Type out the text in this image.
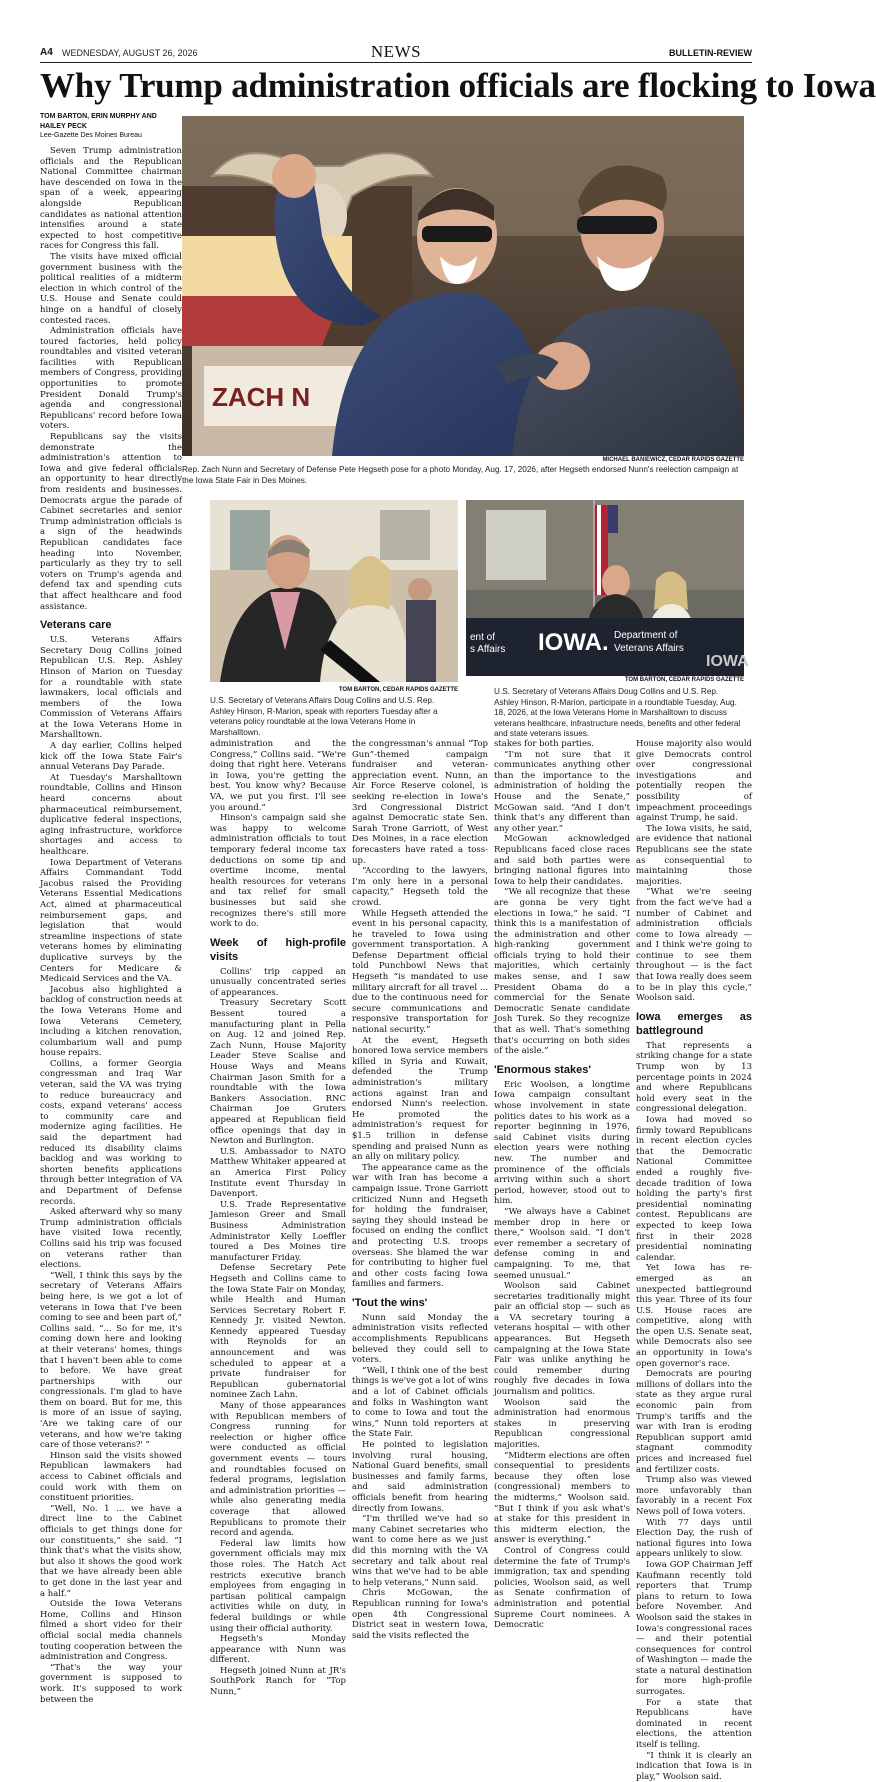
A4 WEDNESDAY, AUGUST 26, 2026	NEWS	BULLETIN-REVIEW
Why Trump administration officials are flocking to Iowa
TOM BARTON, ERIN MURPHY AND HAILEY PECK
Lee-Gazette Des Moines Bureau
ZACH N
MICHAEL BANIEWICZ, CEDAR RAPIDS GAZETTE
Rep. Zach Nunn and Secretary of Defense Pete Hegseth pose for a photo Monday, Aug. 17, 2026, after Hegseth endorsed Nunn's reelection campaign at the Iowa State Fair in Des Moines.
TOM BARTON, CEDAR RAPIDS GAZETTE
U.S. Secretary of Veterans Affairs Doug Collins and U.S. Rep. Ashley Hinson, R-Marion, speak with reporters Tuesday after a veterans policy roundtable at the Iowa Veterans Home in Marshalltown.
ent of
s Affairs IOWA. Department of
Veterans Affairs
IOWA
TOM BARTON, CEDAR RAPIDS GAZETTE
U.S. Secretary of Veterans Affairs Doug Collins and U.S. Rep. Ashley Hinson, R-Marion, participate in a roundtable Tuesday, Aug. 18, 2026, at the Iowa Veterans Home in Marshalltown to discuss veterans healthcare, infrastructure needs, benefits and other federal and state veterans issues.

Seven Trump administration officials and the Republican National Committee chairman have descended on Iowa in the span of a week, appearing alongside Republican candidates as national attention intensifies around a state expected to host competitive races for Congress this fall.

The visits have mixed official government business with the political realities of a midterm election in which control of the U.S. House and Senate could hinge on a handful of closely contested races.

Administration officials have toured factories, held policy roundtables and visited veteran facilities with Republican members of Congress, providing opportunities to promote President Donald Trump's agenda and congressional Republicans' record before Iowa voters.

Republicans say the visits demonstrate the administration's attention to Iowa and give federal officials an opportunity to hear directly from residents and businesses. Democrats argue the parade of Cabinet secretaries and senior Trump administration officials is a sign of the headwinds Republican candidates face heading into November, particularly as they try to sell voters on Trump's agenda and defend tax and spending cuts that affect healthcare and food assistance.

Veterans care

U.S. Veterans Affairs Secretary Doug Collins joined Republican U.S. Rep. Ashley Hinson of Marion on Tuesday for a roundtable with state lawmakers, local officials and members of the Iowa Commission of Veterans Affairs at the Iowa Veterans Home in Marshalltown.

A day earlier, Collins helped kick off the Iowa State Fair's annual Veterans Day Parade.

At Tuesday's Marshalltown roundtable, Collins and Hinson heard concerns about pharmaceutical reimbursement, duplicative federal inspections, aging infrastructure, workforce shortages and access to healthcare.

Iowa Department of Veterans Affairs Commandant Todd Jacobus raised the Providing Veterans Essential Medications Act, aimed at pharmaceutical reimbursement gaps, and legislation that would streamline inspections of state veterans homes by eliminating duplicative surveys by the Centers for Medicare & Medicaid Services and the VA.

Jacobus also highlighted a backlog of construction needs at the Iowa Veterans Home and Iowa Veterans Cemetery, including a kitchen renovation, columbarium wall and pump house repairs.

Collins, a former Georgia congressman and Iraq War veteran, said the VA was trying to reduce bureaucracy and costs, expand veterans' access to community care and modernize aging facilities. He said the department had reduced its disability claims backlog and was working to shorten benefits applications through better integration of VA and Department of Defense records.

Asked afterward why so many Trump administration officials have visited Iowa recently, Collins said his trip was focused on veterans rather than elections.

“Well, I think this says by the secretary of Veterans Affairs being here, is we got a lot of veterans in Iowa that I've been coming to see and been part of,” Collins said. “... So for me, it's coming down here and looking at their veterans' homes, things that I haven't been able to come to before. We have great partnerships with our congressionals. I'm glad to have them on board. But for me, this is more of an issue of saying, 'Are we taking care of our veterans, and how we're taking care of those veterans?' ”

Hinson said the visits showed Republican lawmakers had access to Cabinet officials and could work with them on constituent priorities.

“Well, No. 1 ... we have a direct line to the Cabinet officials to get things done for our constituents,” she said. “I think that's what the visits show, but also it shows the good work that we have already been able to get done in the last year and a half.”

Outside the Iowa Veterans Home, Collins and Hinson filmed a short video for their official social media channels touting cooperation between the administration and Congress.

“That's the way your government is supposed to work. It's supposed to work between the

administration and the Congress,” Collins said. “We're doing that right here. Veterans in Iowa, you're getting the best. You know why? Because VA, we put you first. I'll see you around.”

Hinson's campaign said she was happy to welcome administration officials to tout temporary federal income tax deductions on some tip and overtime income, mental health resources for veterans and tax relief for small businesses but said she recognizes there's still more work to do.

Week of high-profile visits

Collins' trip capped an unusually concentrated series of appearances.

Treasury Secretary Scott Bessent toured a manufacturing plant in Pella on Aug. 12 and joined Rep. Zach Nunn, House Majority Leader Steve Scalise and House Ways and Means Chairman Jason Smith for a roundtable with the Iowa Bankers Association. RNC Chairman Joe Gruters appeared at Republican field office openings that day in Newton and Burlington.

U.S. Ambassador to NATO Matthew Whitaker appeared at an America First Policy Institute event Thursday in Davenport.

U.S. Trade Representative Jamieson Greer and Small Business Administration Administrator Kelly Loeffler toured a Des Moines tire manufacturer Friday.

Defense Secretary Pete Hegseth and Collins came to the Iowa State Fair on Monday, while Health and Human Services Secretary Robert F. Kennedy Jr. visited Newton. Kennedy appeared Tuesday with Reynolds for an announcement and was scheduled to appear at a private fundraiser for Republican gubernatorial nominee Zach Lahn.

Many of those appearances with Republican members of Congress running for reelection or higher office were conducted as official government events — tours and roundtables focused on federal programs, legislation and administration priorities — while also generating media coverage that allowed Republicans to promote their record and agenda.

Federal law limits how government officials may mix those roles. The Hatch Act restricts executive branch employees from engaging in partisan political campaign activities while on duty, in federal buildings or while using their official authority.

Hegseth's Monday appearance with Nunn was different.

Hegseth joined Nunn at JR's SouthPork Ranch for “Top Nunn,”

the congressman's annual “Top Gun”-themed campaign fundraiser and veteran-appreciation event. Nunn, an Air Force Reserve colonel, is seeking re-election in Iowa's 3rd Congressional District against Democratic state Sen. Sarah Trone Garriott, of West Des Moines, in a race election forecasters have rated a toss-up.

“According to the lawyers, I'm only here in a personal capacity,” Hegseth told the crowd.

While Hegseth attended the event in his personal capacity, he traveled to Iowa using government transportation. A Defense Department official told Punchbowl News that Hegseth “is mandated to use military aircraft for all travel ... due to the continuous need for secure communications and responsive transportation for national security.”

At the event, Hegseth honored Iowa service members killed in Syria and Kuwait, defended the Trump administration's military actions against Iran and endorsed Nunn's reelection. He promoted the administration's request for $1.5 trillion in defense spending and praised Nunn as an ally on military policy.

The appearance came as the war with Iran has become a campaign issue. Trone Garriott criticized Nunn and Hegseth for holding the fundraiser, saying they should instead be focused on ending the conflict and protecting U.S. troops overseas. She blamed the war for contributing to higher fuel and other costs facing Iowa families and farmers.

'Tout the wins'

Nunn said Monday the administration visits reflected accomplishments Republicans believed they could sell to voters.

“Well, I think one of the best things is we've got a lot of wins and a lot of Cabinet officials and folks in Washington want to come to Iowa and tout the wins,” Nunn told reporters at the State Fair.

He pointed to legislation involving rural housing, National Guard benefits, small businesses and family farms, and said administration officials benefit from hearing directly from Iowans.

“I'm thrilled we've had so many Cabinet secretaries who want to come here as we just did this morning with the VA secretary and talk about real wins that we've had to be able to help veterans,” Nunn said.

Chris McGowan, the Republican running for Iowa's open 4th Congressional District seat in western Iowa, said the visits reflected the

stakes for both parties.

“I'm not sure that it communicates anything other than the importance to the administration of holding the House and the Senate,” McGowan said. “And I don't think that's any different than any other year.”

McGowan acknowledged Republicans faced close races and said both parties were bringing national figures into Iowa to help their candidates.

“We all recognize that these are gonna be very tight elections in Iowa,” he said. “I think this is a manifestation of the administration and other high-ranking government officials trying to hold their majorities, which certainly makes sense, and I saw President Obama do a commercial for the Senate Democratic Senate candidate Josh Turek. So they recognize that as well. That's something that's occurring on both sides of the aisle.”

'Enormous stakes'

Eric Woolson, a longtime Iowa campaign consultant whose involvement in state politics dates to his work as a reporter beginning in 1976, said Cabinet visits during election years were nothing new. The number and prominence of the officials arriving within such a short period, however, stood out to him.

“We always have a Cabinet member drop in here or there,” Woolson said. “I don't ever remember a secretary of defense coming in and campaigning. To me, that seemed unusual.”

Woolson said Cabinet secretaries traditionally might pair an official stop — such as a VA secretary touring a veterans hospital — with other appearances. But Hegseth campaigning at the Iowa State Fair was unlike anything he could remember during roughly five decades in Iowa journalism and politics.

Woolson said the administration had enormous stakes in preserving Republican congressional majorities.

“Midterm elections are often consequential to presidents because they often lose (congressional) members to the midterms,” Woolson said. “But I think if you ask what's at stake for this president in this midterm election, the answer is everything.”

Control of Congress could determine the fate of Trump's immigration, tax and spending policies, Woolson said, as well as Senate confirmation of administration and potential Supreme Court nominees. A Democratic

House majority also would give Democrats control over congressional investigations and potentially reopen the possibility of impeachment proceedings against Trump, he said.

The Iowa visits, he said, are evidence that national Republicans see the state as consequential to maintaining those majorities.

“What we're seeing from the fact we've had a number of Cabinet and administration officials come to Iowa already — and I think we're going to continue to see them throughout — is the fact that Iowa really does seem to be in play this cycle,” Woolson said.

Iowa emerges as battleground

That represents a striking change for a state Trump won by 13 percentage points in 2024 and where Republicans hold every seat in the congressional delegation.

Iowa had moved so firmly toward Republicans in recent election cycles that the Democratic National Committee ended a roughly five-decade tradition of Iowa holding the party's first presidential nominating contest. Republicans are expected to keep Iowa first in their 2028 presidential nominating calendar.

Yet Iowa has re-emerged as an unexpected battleground this year. Three of its four U.S. House races are competitive, along with the open U.S. Senate seat, while Democrats also see an opportunity in Iowa's open governor's race.

Democrats are pouring millions of dollars into the state as they argue rural economic pain from Trump's tariffs and the war with Iran is eroding Republican support amid stagnant commodity prices and increased fuel and fertilizer costs.

Trump also was viewed more unfavorably than favorably in a recent Fox News poll of Iowa voters.

With 77 days until Election Day, the rush of national figures into Iowa appears unlikely to slow.

Iowa GOP Chairman Jeff Kaufmann recently told reporters that Trump plans to return to Iowa before November. And Woolson said the stakes in Iowa's congressional races — and their potential consequences for control of Washington — made the state a natural destination for more high-profile surrogates.

For a state that Republicans have dominated in recent elections, the attention itself is telling.

“I think it is clearly an indication that Iowa is in play,” Woolson said.
